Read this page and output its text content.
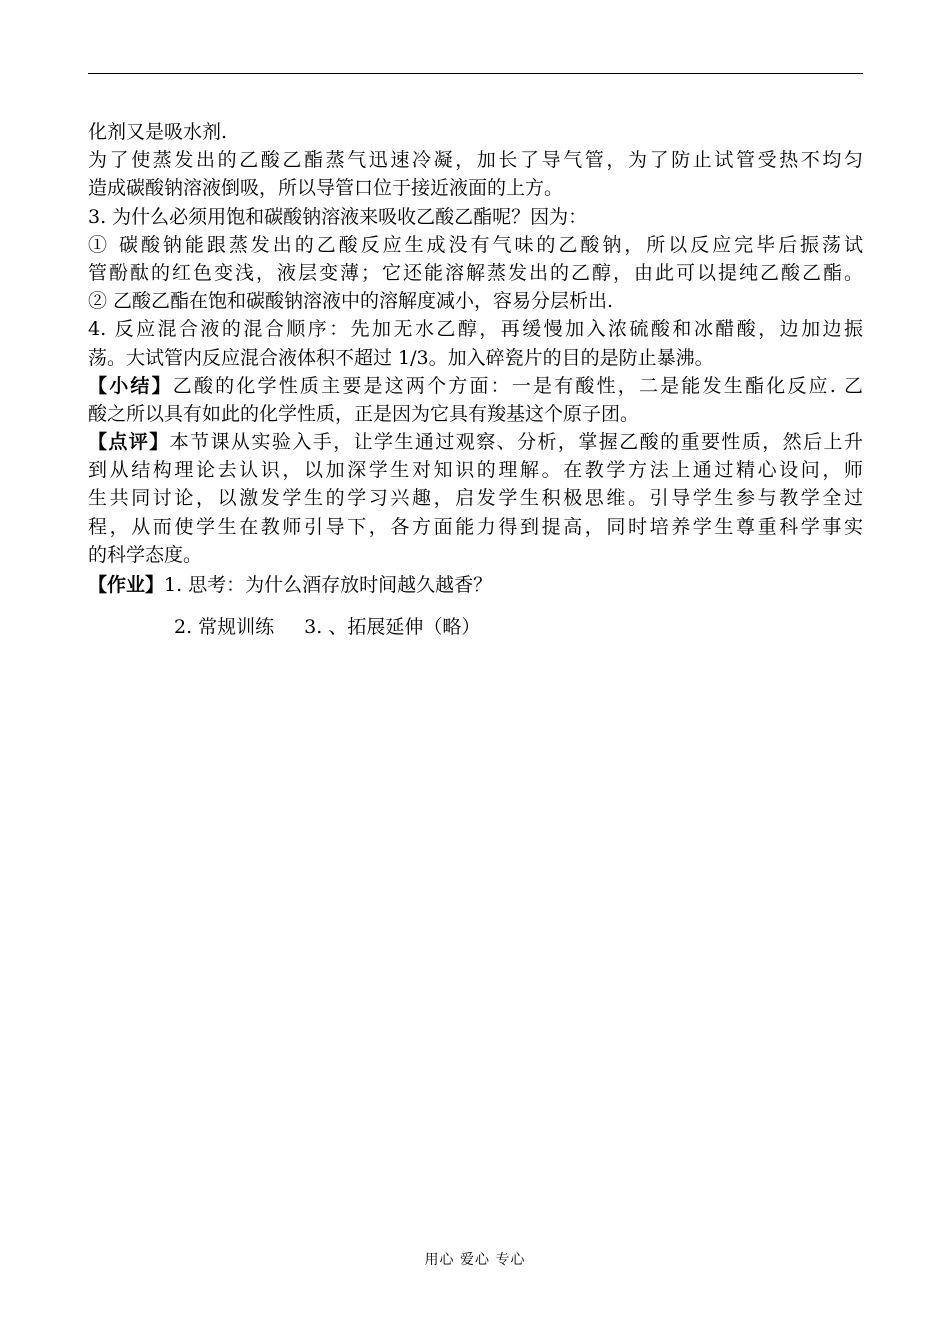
化剂又是吸水剂.
为了使蒸发出的乙酸乙酯蒸气迅速冷凝，加长了导气管，为了防止试管受热不均匀
造成碳酸钠溶液倒吸，所以导管口位于接近液面的上方。
3. 为什么必须用饱和碳酸钠溶液来吸收乙酸乙酯呢？因为：
① 碳酸钠能跟蒸发出的乙酸反应生成没有气味的乙酸钠，所以反应完毕后振荡试
管酚酞的红色变浅，液层变薄；它还能溶解蒸发出的乙醇，由此可以提纯乙酸乙酯。
② 乙酸乙酯在饱和碳酸钠溶液中的溶解度减小，容易分层析出.
4. 反应混合液的混合顺序：先加无水乙醇，再缓慢加入浓硫酸和冰醋酸，边加边振
荡。大试管内反应混合液体积不超过 1/3。加入碎瓷片的目的是防止暴沸。
【小结】乙酸的化学性质主要是这两个方面：一是有酸性，二是能发生酯化反应. 乙
酸之所以具有如此的化学性质，正是因为它具有羧基这个原子团。
【点评】本节课从实验入手，让学生通过观察、分析，掌握乙酸的重要性质，然后上升
到从结构理论去认识，以加深学生对知识的理解。在教学方法上通过精心设问，师
生共同讨论，以激发学生的学习兴趣，启发学生积极思维。引导学生参与教学全过
程，从而使学生在教师引导下，各方面能力得到提高，同时培养学生尊重科学事实
的科学态度。
【作业】1. 思考：为什么酒存放时间越久越香？
2. 常规训练 3. 、拓展延伸（略）
用心 爱心 专心
